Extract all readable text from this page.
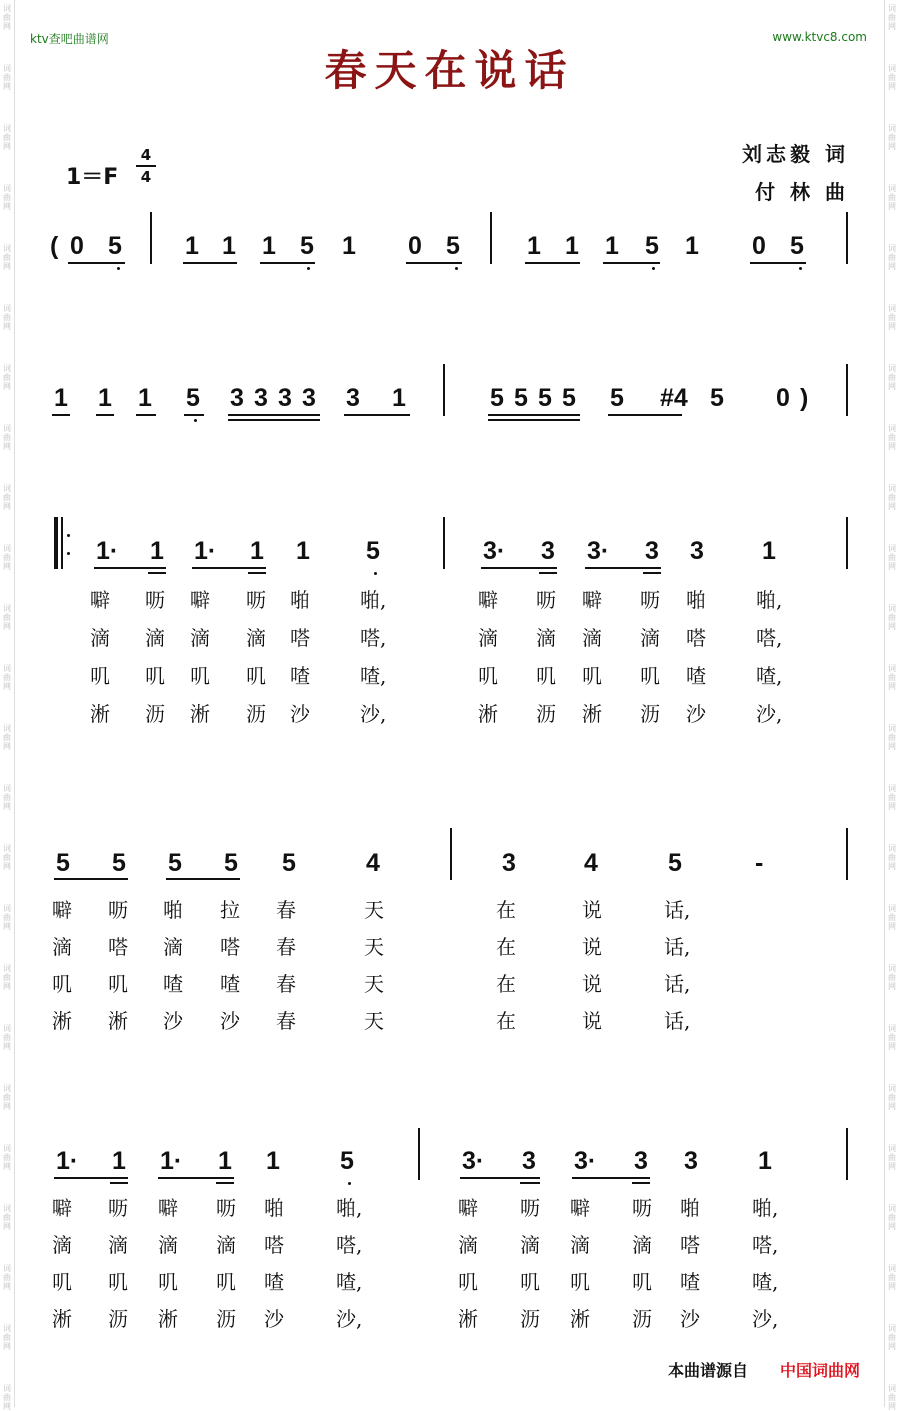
词
曲
网
词
曲
网
词
曲
网
词
曲
网
词
曲
网
词
曲
网
词
曲
网
词
曲
网
词
曲
网
词
曲
网
词
曲
网
词
曲
网
词
曲
网
词
曲
网
词
曲
网
词
曲
网
词
曲
网
词
曲
网
词
曲
网
词
曲
网
词
曲
网
词
曲
网
词
曲
网
词
曲
网
词
曲
网
词
曲
网
词
曲
网
词
曲
网
词
曲
网
词
曲
网
词
曲
网
词
曲
网
词
曲
网
词
曲
网
词
曲
网
词
曲
网
词
曲
网
词
曲
网
词
曲
网
词
曲
网
词
曲
网
词
曲
网
词
曲
网
词
曲
网
词
曲
网
词
曲
网
词
曲
网
词
曲
网
ktv查吧曲谱网	www.ktvc8.com
春天在说话
1＝F
4
4
刘志毅 词
付 林 曲
( 0 5	1 1 1 5 1 0 5	1 1 1 5 1 0 5
1 1 1 5 3 3 3 3 3 1	5 5 5 5 5 #4 5 0 )
1· 1 1· 1 1 5	3· 3 3· 3 3 1
噼 呖 噼 呖 啪	啪,	噼 呖 噼 呖 啪	啪,
滴 滴 滴 滴 嗒	嗒,	滴 滴 滴 滴 嗒	嗒,
叽 叽 叽 叽 喳	喳,	叽 叽 叽 叽 喳	喳,
淅 沥 淅 沥 沙	沙,	淅 沥 淅 沥 沙	沙,
5 5 5 5 5	4	3	4	5	-
噼 呖 啪 拉 春	天	在	说	话,
滴 嗒 滴 嗒 春	天	在	说	话,
叽 叽 喳 喳 春	天	在	说	话,
淅 淅 沙 沙 春	天	在	说	话,
1· 1 1· 1 1 5	3· 3 3· 3 3 1
噼 呖 噼 呖 啪	啪,	噼 呖 噼 呖 啪	啪,
滴 滴 滴 滴 嗒	嗒,	滴 滴 滴 滴 嗒	嗒,
叽 叽 叽 叽 喳	喳,	叽 叽 叽 叽 喳	喳,
淅 沥 淅 沥 沙	沙,	淅 沥 淅 沥 沙	沙,
本曲谱源自 中国词曲网
